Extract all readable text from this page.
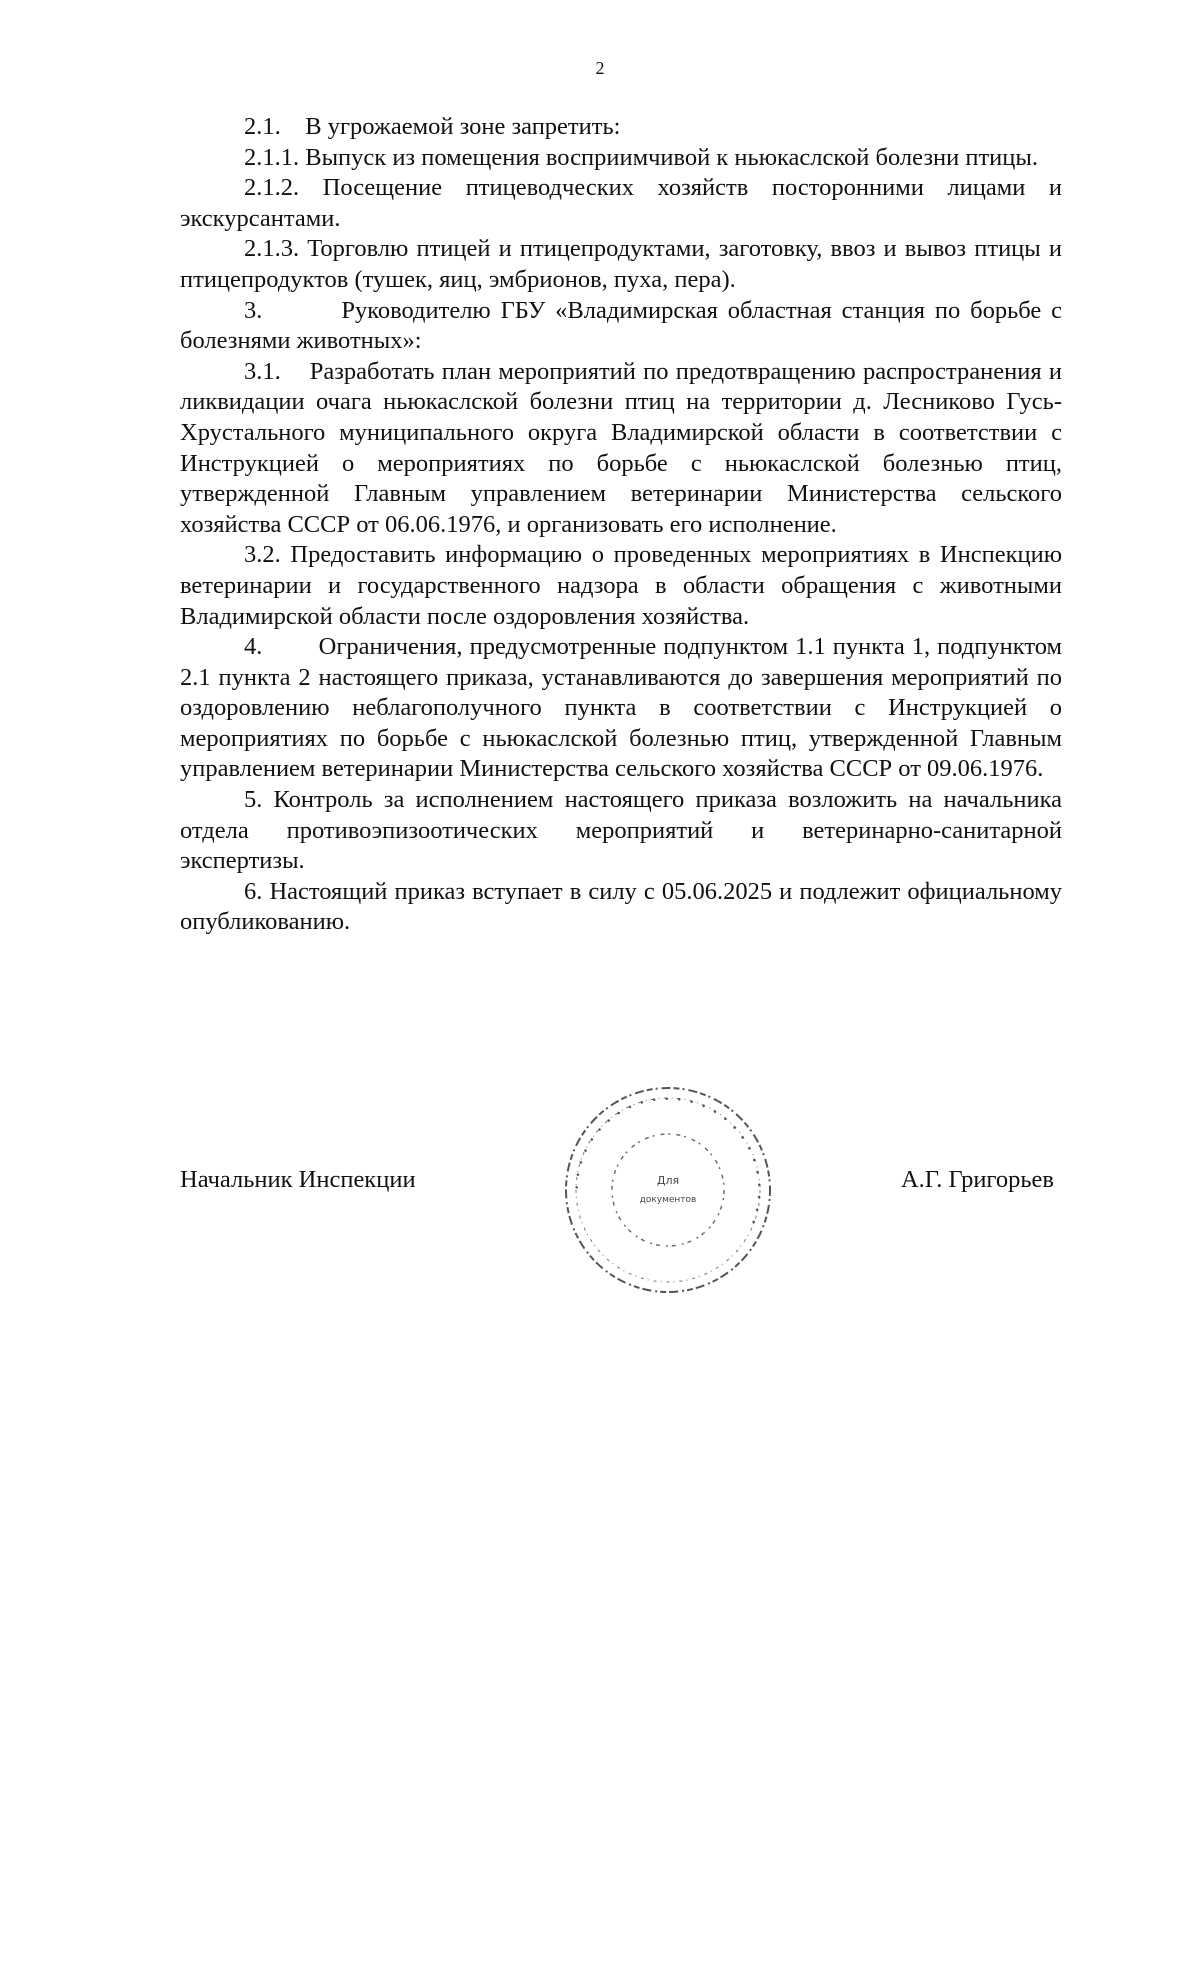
2

2.1.    В угрожаемой зоне запретить:

2.1.1. Выпуск из помещения восприимчивой к ньюкаслской болезни птицы.

2.1.2. Посещение птицеводческих хозяйств посторонними лицами и экскурсантами.

2.1.3. Торговлю птицей и птицепродуктами, заготовку, ввоз и вывоз птицы и птицепродуктов (тушек, яиц, эмбрионов, пуха, пера).

3.        Руководителю ГБУ «Владимирская областная станция по борьбе с болезнями животных»:

3.1.    Разработать план мероприятий по предотвращению распространения и ликвидации очага ньюкаслской болезни птиц на территории д. Лесниково Гусь-Хрустального муниципального округа Владимирской области в соответствии с Инструкцией о мероприятиях по борьбе с ньюкаслской болезнью птиц, утвержденной Главным управлением ветеринарии Министерства сельского хозяйства СССР от 06.06.1976, и организовать его исполнение.

3.2. Предоставить информацию о проведенных мероприятиях в Инспекцию ветеринарии и государственного надзора в области обращения с животными Владимирской области после оздоровления хозяйства.

4.        Ограничения, предусмотренные подпунктом 1.1 пункта 1, подпунктом 2.1 пункта 2 настоящего приказа, устанавливаются до завершения мероприятий по оздоровлению неблагополучного пункта в соответствии с Инструкцией о мероприятиях по борьбе с ньюкаслской болезнью птиц, утвержденной Главным управлением ветеринарии Министерства сельского хозяйства СССР от 09.06.1976.

5. Контроль за исполнением настоящего приказа возложить на начальника отдела противоэпизоотических мероприятий и ветеринарно-санитарной экспертизы.

6. Настоящий приказ вступает в силу с 05.06.2025 и подлежит официальному опубликованию.

Начальник Инспекции	• • • • • • • • • • • • • • • • • • • • • • • • • •
Для
документов
А.Г. Григорьев
